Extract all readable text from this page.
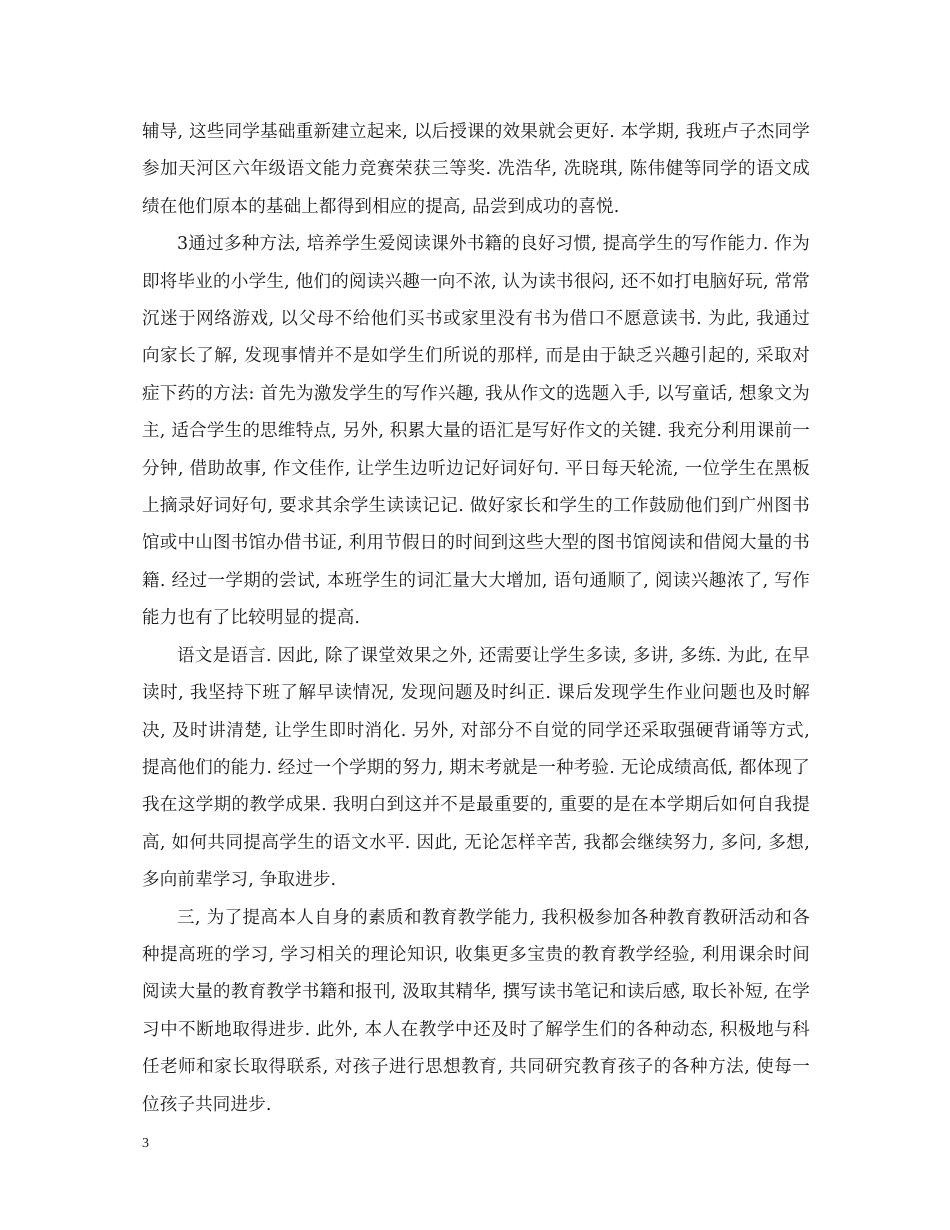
辅导, 这些同学基础重新建立起来, 以后授课的效果就会更好. 本学期, 我班卢子杰同学参加天河区六年级语文能力竞赛荣获三等奖. 冼浩华, 冼晓琪, 陈伟健等同学的语文成绩在他们原本的基础上都得到相应的提高, 品尝到成功的喜悦.

3通过多种方法, 培养学生爱阅读课外书籍的良好习惯, 提高学生的写作能力. 作为即将毕业的小学生, 他们的阅读兴趣一向不浓, 认为读书很闷, 还不如打电脑好玩, 常常沉迷于网络游戏, 以父母不给他们买书或家里没有书为借口不愿意读书. 为此, 我通过向家长了解, 发现事情并不是如学生们所说的那样, 而是由于缺乏兴趣引起的, 采取对症下药的方法: 首先为激发学生的写作兴趣, 我从作文的选题入手, 以写童话, 想象文为主, 适合学生的思维特点, 另外, 积累大量的语汇是写好作文的关键. 我充分利用课前一分钟, 借助故事, 作文佳作, 让学生边听边记好词好句. 平日每天轮流, 一位学生在黑板上摘录好词好句, 要求其余学生读读记记. 做好家长和学生的工作鼓励他们到广州图书馆或中山图书馆办借书证, 利用节假日的时间到这些大型的图书馆阅读和借阅大量的书籍. 经过一学期的尝试, 本班学生的词汇量大大增加, 语句通顺了, 阅读兴趣浓了, 写作能力也有了比较明显的提高.

语文是语言. 因此, 除了课堂效果之外, 还需要让学生多读, 多讲, 多练. 为此, 在早读时, 我坚持下班了解早读情况, 发现问题及时纠正. 课后发现学生作业问题也及时解决, 及时讲清楚, 让学生即时消化. 另外, 对部分不自觉的同学还采取强硬背诵等方式, 提高他们的能力. 经过一个学期的努力, 期末考就是一种考验. 无论成绩高低, 都体现了我在这学期的教学成果. 我明白到这并不是最重要的, 重要的是在本学期后如何自我提高, 如何共同提高学生的语文水平. 因此, 无论怎样辛苦, 我都会继续努力, 多问, 多想, 多向前辈学习, 争取进步.

三, 为了提高本人自身的素质和教育教学能力, 我积极参加各种教育教研活动和各种提高班的学习, 学习相关的理论知识, 收集更多宝贵的教育教学经验, 利用课余时间阅读大量的教育教学书籍和报刊, 汲取其精华, 撰写读书笔记和读后感, 取长补短, 在学习中不断地取得进步. 此外, 本人在教学中还及时了解学生们的各种动态, 积极地与科任老师和家长取得联系, 对孩子进行思想教育, 共同研究教育孩子的各种方法, 使每一位孩子共同进步.

3
